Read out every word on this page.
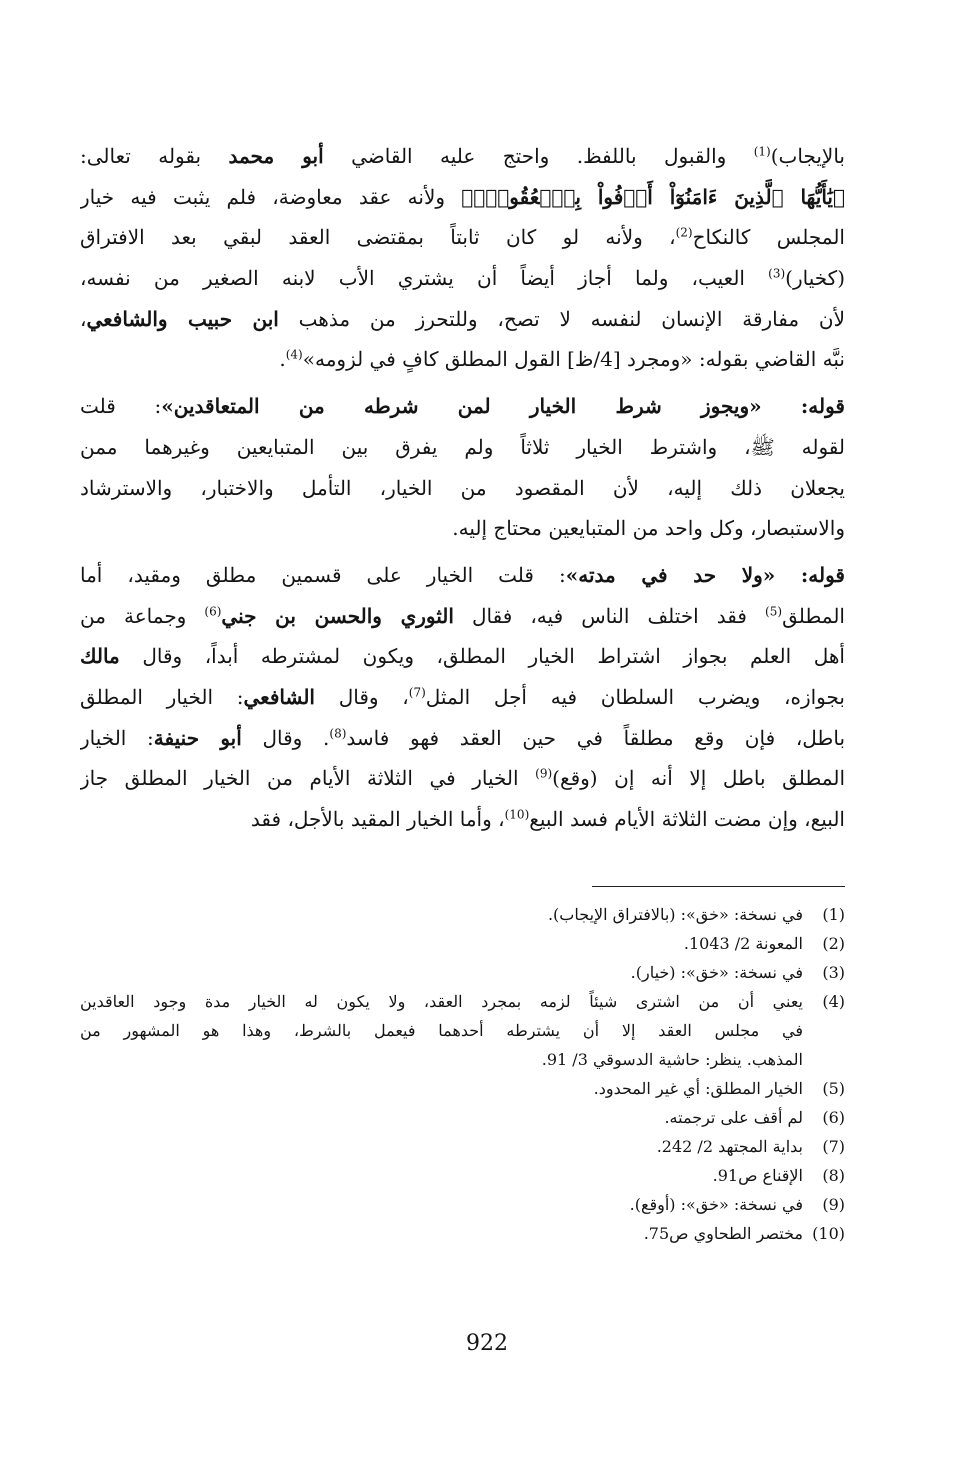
بالإيجاب)$^{(1)}$ والقبول باللفظ. واحتج عليه القاضي أبو محمد بقوله تعالى:
﴿يَٰأَيُّهَا ٱلَّذِينَ ءَامَنُوٓاْ أَوۡفُواْ بِٱلۡعُقُودِۚ﴾ ولأنه عقد معاوضة، فلم يثبت فيه خيار
المجلس كالنكاح$^{(2)}$، ولأنه لو كان ثابتاً بمقتضى العقد لبقي بعد الافتراق
(كخيار)$^{(3)}$ العيب، ولما أجاز أيضاً أن يشتري الأب لابنه الصغير من نفسه،
لأن مفارقة الإنسان لنفسه لا تصح، وللتحرز من مذهب ابن حبيب والشافعي،
نبَّه القاضي بقوله: «ومجرد [4/ظ] القول المطلق كافٍ في لزومه»$^{(4)}$.
قوله: «ويجوز شرط الخيار لمن شرطه من المتعاقدين»: قلت
لقوله ﷺ، واشترط الخيار ثلاثاً ولم يفرق بين المتبايعين وغيرهما ممن
يجعلان ذلك إليه، لأن المقصود من الخيار، التأمل والاختبار، والاسترشاد
والاستبصار، وكل واحد من المتبايعين محتاج إليه.
قوله: «ولا حد في مدته»: قلت الخيار على قسمين مطلق ومقيد، أما
المطلق$^{(5)}$ فقد اختلف الناس فيه، فقال الثوري والحسن بن جني$^{(6)}$ وجماعة من
أهل العلم بجواز اشتراط الخيار المطلق، ويكون لمشترطه أبداً، وقال مالك
بجوازه، ويضرب السلطان فيه أجل المثل$^{(7)}$، وقال الشافعي: الخيار المطلق
باطل، فإن وقع مطلقاً في حين العقد فهو فاسد$^{(8)}$. وقال أبو حنيفة: الخيار
المطلق باطل إلا أنه إن (وقع)$^{(9)}$ الخيار في الثلاثة الأيام من الخيار المطلق جاز
البيع، وإن مضت الثلاثة الأيام فسد البيع$^{(10)}$، وأما الخيار المقيد بالأجل، فقد
(1)
في نسخة: «خق»: (بالافتراق الإيجاب).
(2)
المعونة 2/ 1043.
(3)
في نسخة: «خق»: (خيار).
(4)
يعني أن من اشترى شيئاً لزمه بمجرد العقد، ولا يكون له الخيار مدة وجود العاقدين
في مجلس العقد إلا أن يشترطه أحدهما فيعمل بالشرط، وهذا هو المشهور من
المذهب. ينظر: حاشية الدسوقي 3/ 91.
(5)
الخيار المطلق: أي غير المحدود.
(6)
لم أقف على ترجمته.
(7)
بداية المجتهد 2/ 242.
(8)
الإقناع ص91.
(9)
في نسخة: «خق»: (أوقع).
(10)
مختصر الطحاوي ص75.
922
